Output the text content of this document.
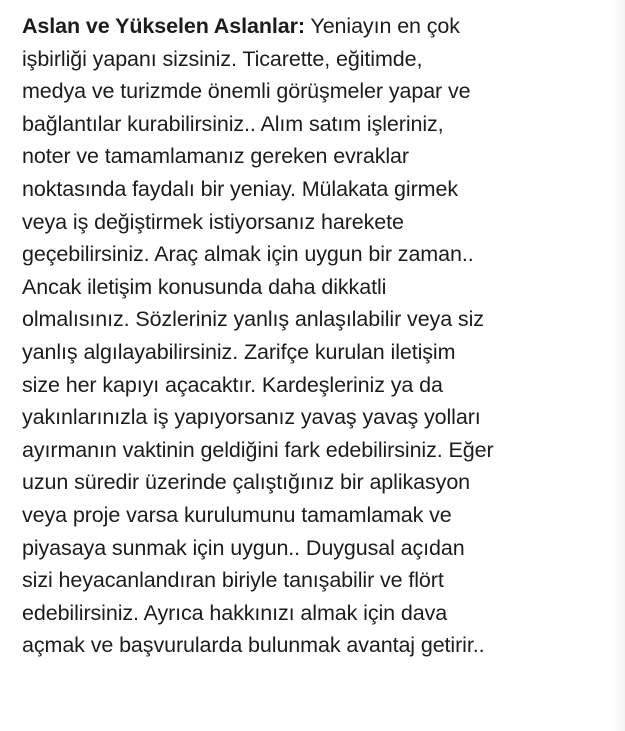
Aslan ve Yükselen Aslanlar: Yeniayın en çok
işbirliği yapanı sizsiniz. Ticarette, eğitimde,
medya ve turizmde önemli görüşmeler yapar ve
bağlantılar kurabilirsiniz.. Alım satım işleriniz,
noter ve tamamlamanız gereken evraklar
noktasında faydalı bir yeniay. Mülakata girmek
veya iş değiştirmek istiyorsanız harekete
geçebilirsiniz. Araç almak için uygun bir zaman..
Ancak iletişim konusunda daha dikkatli
olmalısınız. Sözleriniz yanlış anlaşılabilir veya siz
yanlış algılayabilirsiniz. Zarifçe kurulan iletişim
size her kapıyı açacaktır. Kardeşleriniz ya da
yakınlarınızla iş yapıyorsanız yavaş yavaş yolları
ayırmanın vaktinin geldiğini fark edebilirsiniz. Eğer
uzun süredir üzerinde çalıştığınız bir aplikasyon
veya proje varsa kurulumunu tamamlamak ve
piyasaya sunmak için uygun.. Duygusal açıdan
sizi heyacanlandıran biriyle tanışabilir ve flört
edebilirsiniz. Ayrıca hakkınızı almak için dava
açmak ve başvurularda bulunmak avantaj getirir..
